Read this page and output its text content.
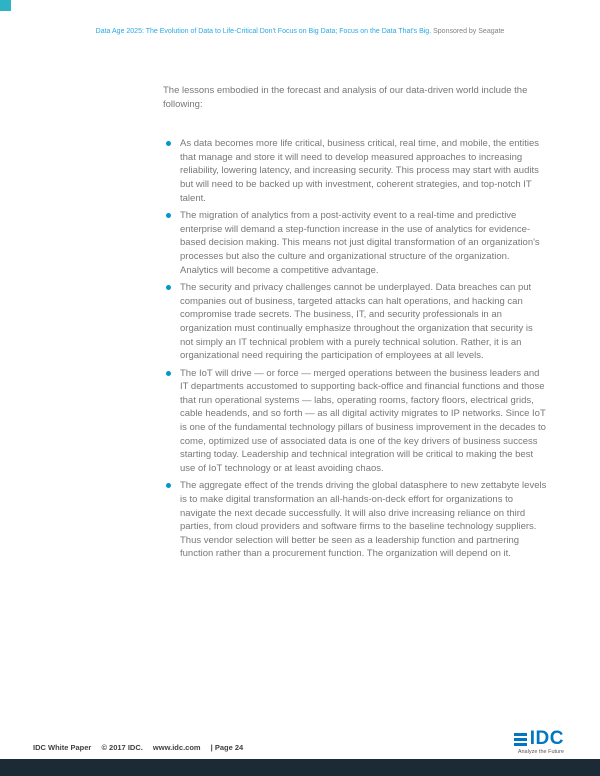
Data Age 2025: The Evolution of Data to Life-Critical Don't Focus on Big Data; Focus on the Data That's Big. Sponsored by Seagate

The lessons embodied in the forecast and analysis of our data-driven world include the following:

As data becomes more life critical, business critical, real time, and mobile, the entities that manage and store it will need to develop measured approaches to increasing reliability, lowering latency, and increasing security. This process may start with audits but will need to be backed up with investment, coherent strategies, and top-notch IT talent.
The migration of analytics from a post-activity event to a real-time and predictive enterprise will demand a step-function increase in the use of analytics for evidence-based decision making. This means not just digital transformation of an organization's processes but also the culture and organizational structure of the organization. Analytics will become a competitive advantage.
The security and privacy challenges cannot be underplayed. Data breaches can put companies out of business, targeted attacks can halt operations, and hacking can compromise trade secrets. The business, IT, and security professionals in an organization must continually emphasize throughout the organization that security is not simply an IT technical problem with a purely technical solution. Rather, it is an organizational need requiring the participation of employees at all levels.
The IoT will drive — or force — merged operations between the business leaders and IT departments accustomed to supporting back-office and financial functions and those that run operational systems — labs, operating rooms, factory floors, electrical grids, cable headends, and so forth — as all digital activity migrates to IP networks. Since IoT is one of the fundamental technology pillars of business improvement in the decades to come, optimized use of associated data is one of the key drivers of business success starting today. Leadership and technical integration will be critical to making the best use of IoT technology or at least avoiding chaos.
The aggregate effect of the trends driving the global datasphere to new zettabyte levels is to make digital transformation an all-hands-on-deck effort for organizations to navigate the next decade successfully. It will also drive increasing reliance on third parties, from cloud providers and software firms to the baseline technology suppliers. Thus vendor selection will better be seen as a leadership function and partnering function rather than a procurement function. The organization will depend on it.
IDC White Paper © 2017 IDC. www.idc.com | Page 24	IDC
Analyze the Future
